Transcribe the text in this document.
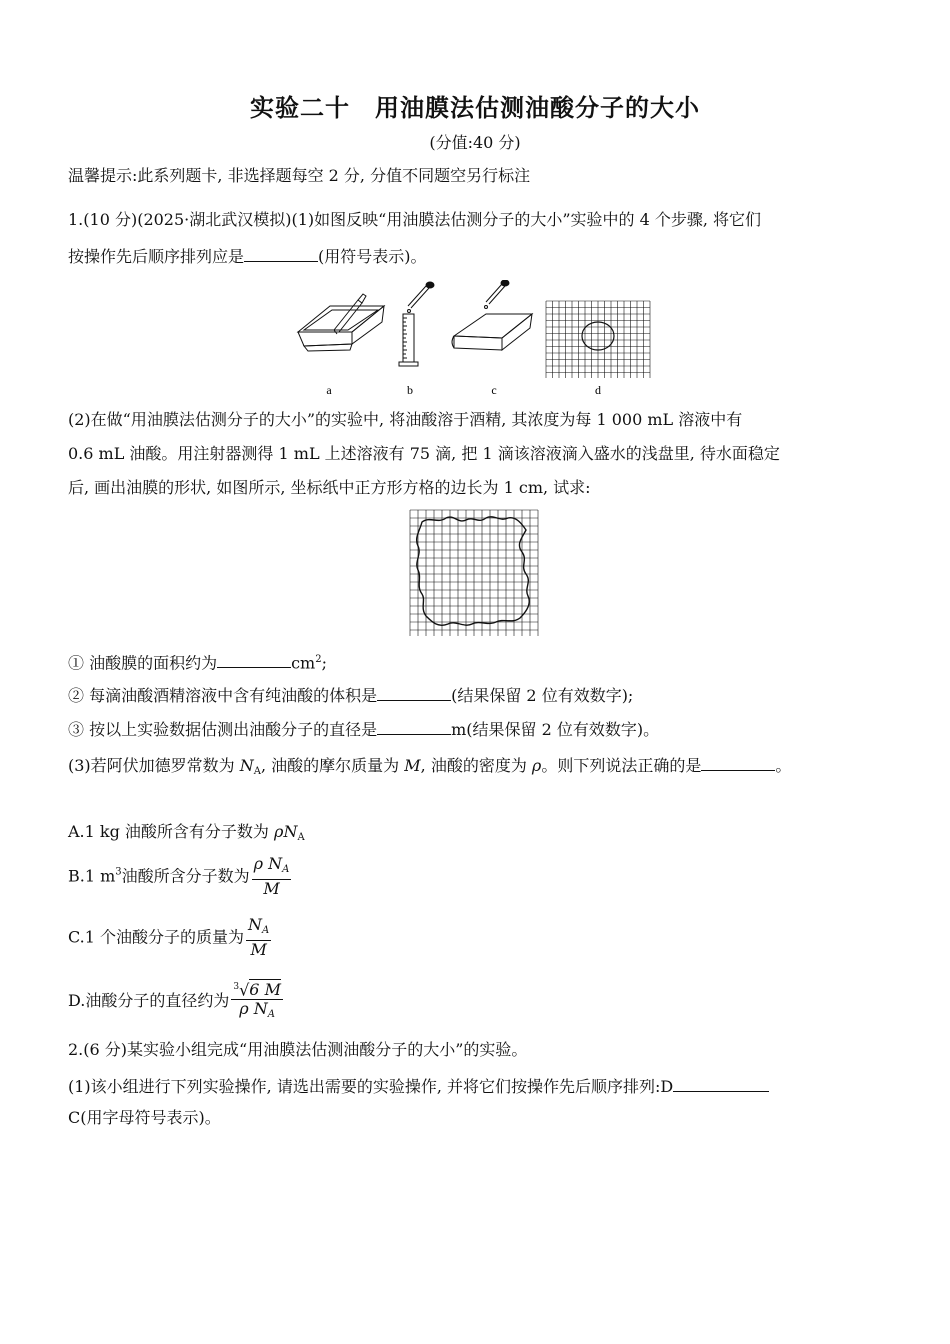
实验二十　用油膜法估测油酸分子的大小
(分值:40 分)
温馨提示:此系列题卡, 非选择题每空 2 分, 分值不同题空另行标注
1.(10 分)(2025·湖北武汉模拟)(1)如图反映“用油膜法估测分子的大小”实验中的 4 个步骤, 将它们
按操作先后顺序排列应是	(用符号表示)。
a	b	c	d
(2)在做“用油膜法估测分子的大小”的实验中, 将油酸溶于酒精, 其浓度为每 1 000 mL 溶液中有
0.6 mL 油酸。用注射器测得 1 mL 上述溶液有 75 滴, 把 1 滴该溶液滴入盛水的浅盘里, 待水面稳定
后, 画出油膜的形状, 如图所示, 坐标纸中正方形方格的边长为 1 cm, 试求:
① 油酸膜的面积约为	$cm^2$;
② 每滴油酸酒精溶液中含有纯油酸的体积是	(结果保留 2 位有效数字);
③ 按以上实验数据估测出油酸分子的直径是	m(结果保留 2 位有效数字)。
(3)若阿伏加德罗常数为 $N_A$, 油酸的摩尔质量为 M, 油酸的密度为 ρ。则下列说法正确的是	。
A.1 kg 油酸所含有分子数为 $\rho N_A$
B.1 $m^3$油酸所含分子数为 $\frac{\rho N_A}{M}$
C.1 个油酸分子的质量为 $\frac{N_A}{M}$
D.油酸分子的直径约为 $\frac{^3√6 M}{\rho N_A}$
2.(6 分)某实验小组完成“用油膜法估测油酸分子的大小”的实验。
(1)该小组进行下列实验操作, 请选出需要的实验操作, 并将它们按操作先后顺序排列:D
C(用字母符号表示)。
